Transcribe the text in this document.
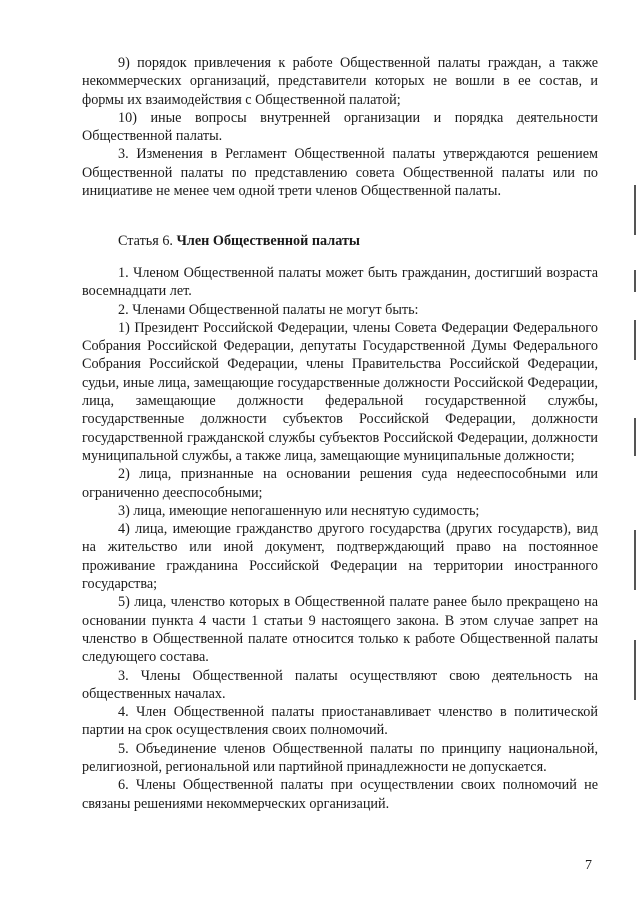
9) порядок привлечения к работе Общественной палаты граждан, а также некоммерческих организаций, представители которых не вошли в ее состав, и формы их взаимодействия с Общественной палатой;

10) иные вопросы внутренней организации и порядка деятельности Общественной палаты.

3. Изменения в Регламент Общественной палаты утверждаются решением Общественной палаты по представлению совета Общественной палаты или по инициативе не менее чем одной трети членов Общественной палаты.

Статья 6. Член Общественной палаты

1. Членом Общественной палаты может быть гражданин, достигший возраста восемнадцати лет.

2. Членами Общественной палаты не могут быть:

1) Президент Российской Федерации, члены Совета Федерации Федерального Собрания Российской Федерации, депутаты Государственной Думы Федерального Собрания Российской Федерации, члены Правительства Российской Федерации, судьи, иные лица, замещающие государственные должности Российской Федерации, лица, замещающие должности федеральной государственной службы, государственные должности субъектов Российской Федерации, должности государственной гражданской службы субъектов Российской Федерации, должности муниципальной службы, а также лица, замещающие муниципальные должности;

2) лица, признанные на основании решения суда недееспособными или ограниченно дееспособными;

3) лица, имеющие непогашенную или неснятую судимость;

4) лица, имеющие гражданство другого государства (других государств), вид на жительство или иной документ, подтверждающий право на постоянное проживание гражданина Российской Федерации на территории иностранного государства;

5) лица, членство которых в Общественной палате ранее было прекращено на основании пункта 4 части 1 статьи 9 настоящего закона. В этом случае запрет на членство в Общественной палате относится только к работе Общественной палаты следующего состава.

3. Члены Общественной палаты осуществляют свою деятельность на общественных началах.

4. Член Общественной палаты приостанавливает членство в политической партии на срок осуществления своих полномочий.

5. Объединение членов Общественной палаты по принципу национальной, религиозной, региональной или партийной принадлежности не допускается.

6. Члены Общественной палаты при осуществлении своих полномочий не связаны решениями некоммерческих организаций.

7
